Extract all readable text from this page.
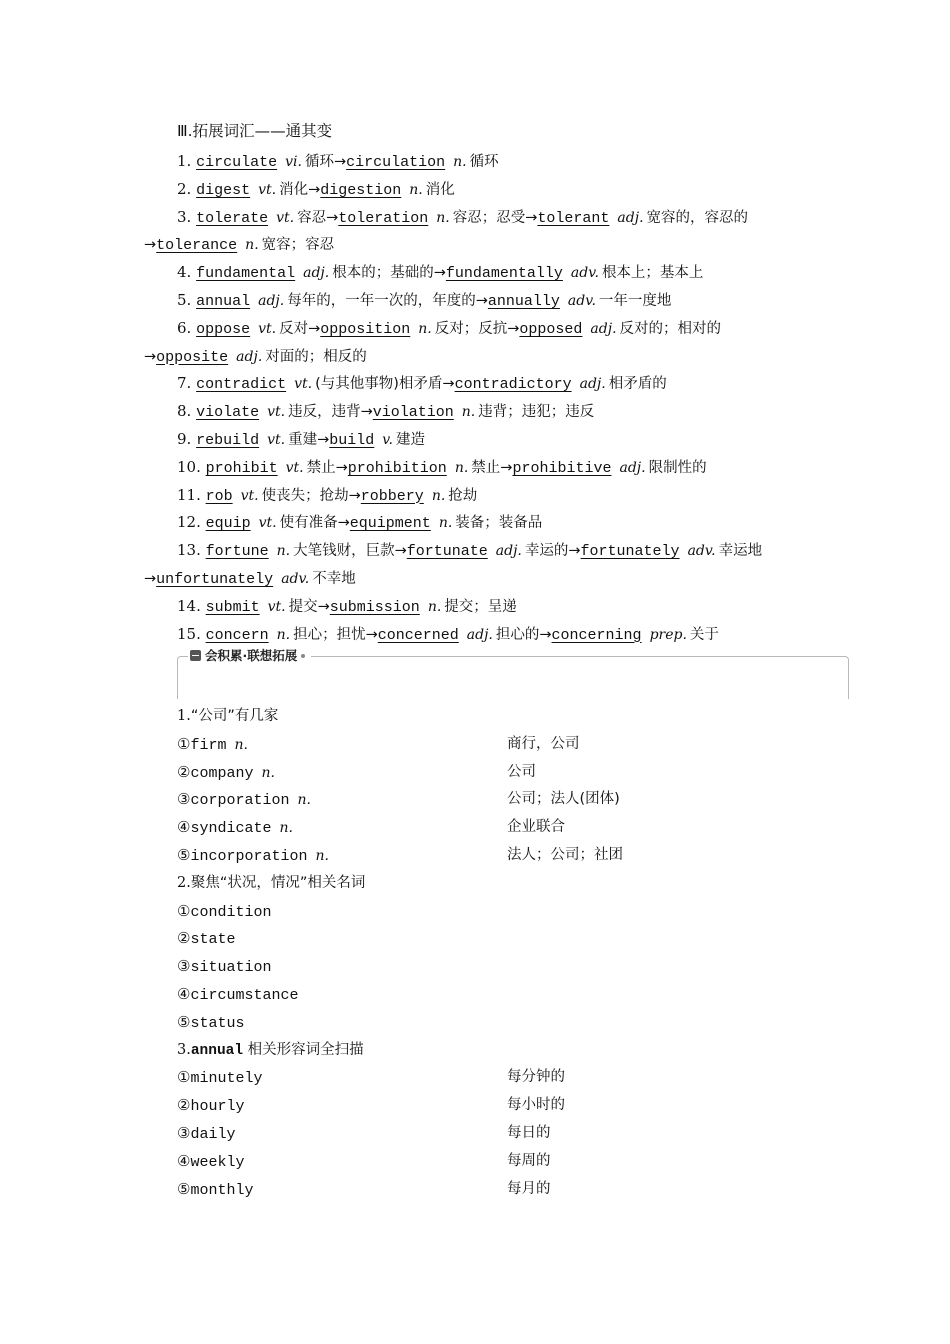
Ⅲ.拓展词汇——通其变
1. circulate vi. 循环→circulation n. 循环
2. digest vt. 消化→digestion n. 消化
3. tolerate vt. 容忍→toleration n. 容忍；忍受→tolerant adj. 宽容的，容忍的
→tolerance n. 宽容；容忍
4. fundamental adj. 根本的；基础的→fundamentally adv. 根本上；基本上
5. annual adj. 每年的，一年一次的，年度的→annually adv. 一年一度地
6. oppose vt. 反对→opposition n. 反对；反抗→opposed adj. 反对的；相对的
→opposite adj. 对面的；相反的
7. contradict vt. (与其他事物)相矛盾→contradictory adj. 相矛盾的
8. violate vt. 违反，违背→violation n. 违背；违犯；违反
9. rebuild vt. 重建→build v. 建造
10. prohibit vt. 禁止→prohibition n. 禁止→prohibitive adj. 限制性的
11. rob vt. 使丧失；抢劫→robbery n. 抢劫
12. equip vt. 使有准备→equipment n. 装备；装备品
13. fortune n. 大笔钱财，巨款→fortunate adj. 幸运的→fortunately adv. 幸运地
→unfortunately adv. 不幸地
14. submit vt. 提交→submission n. 提交；呈递
15. concern n. 担心；担忧→concerned adj. 担心的→concerning prep. 关于
会积累·联想拓展
1.“公司”有几家
①firm n.	商行，公司
②company n.	公司
③corporation n.	公司；法人(团体)
④syndicate n.	企业联合
⑤incorporation n.	法人；公司；社团
2.聚焦“状况，情况”相关名词
①condition
②state
③situation
④circumstance
⑤status
3.annual 相关形容词全扫描
①minutely	每分钟的
②hourly	每小时的
③daily	每日的
④weekly	每周的
⑤monthly	每月的
